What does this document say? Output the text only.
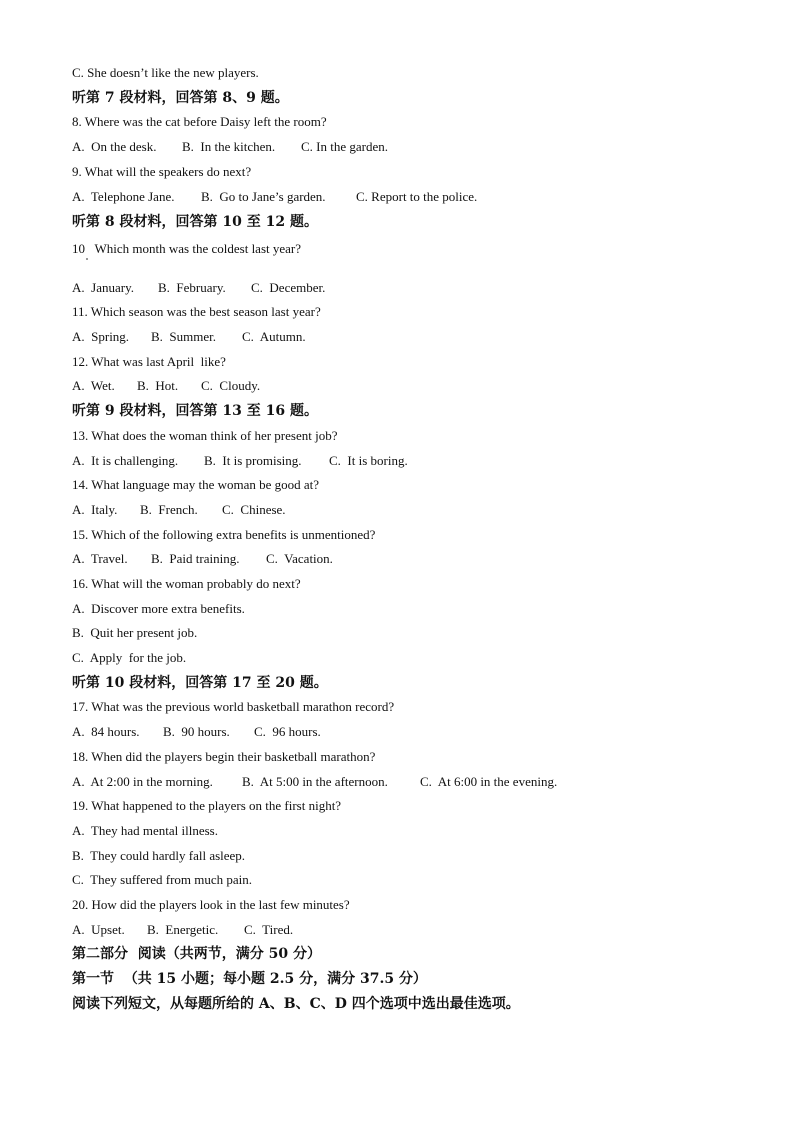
C. She doesn’t like the new players.
听第 7 段材料，回答第 8、9 题。
8. Where was the cat before Daisy left the room?
A.  On the desk. B.  In the kitchen. C. In the garden.
9. What will the speakers do next?
A.  Telephone Jane. B.  Go to Jane’s garden. C. Report to the police.
听第 8 段材料，回答第 10 至 12 题。
10   Which month was the coldest last year?
A.  January. B.  February. C.  December.
11. Which season was the best season last year?
A.  Spring. B.  Summer. C.  Autumn.
12. What was last April  like?
A.  Wet. B.  Hot. C.  Cloudy.
听第 9 段材料，回答第 13 至 16 题。
13. What does the woman think of her present job?
A.  It is challenging. B.  It is promising. C.  It is boring.
14. What language may the woman be good at?
A.  Italy. B.  French. C.  Chinese.
15. Which of the following extra benefits is unmentioned?
A.  Travel. B.  Paid training. C.  Vacation.
16. What will the woman probably do next?
A.  Discover more extra benefits.
B.  Quit her present job.
C.  Apply  for the job.
听第 10 段材料，回答第 17 至 20 题。
17. What was the previous world basketball marathon record?
A.  84 hours. B.  90 hours. C.  96 hours.
18. When did the players begin their basketball marathon?
A.  At 2:00 in the morning. B.  At 5:00 in the afternoon. C.  At 6:00 in the evening.
19. What happened to the players on the first night?
A.  They had mental illness.
B.  They could hardly fall asleep.
C.  They suffered from much pain.
20. How did the players look in the last few minutes?
A.  Upset. B.  Energetic. C.  Tired.
第二部分  阅读（共两节，满分 50 分）
第一节  （共 15 小题；每小题 2.5 分，满分 37.5 分）
阅读下列短文，从每题所给的 A、B、C、D 四个选项中选出最佳选项。
